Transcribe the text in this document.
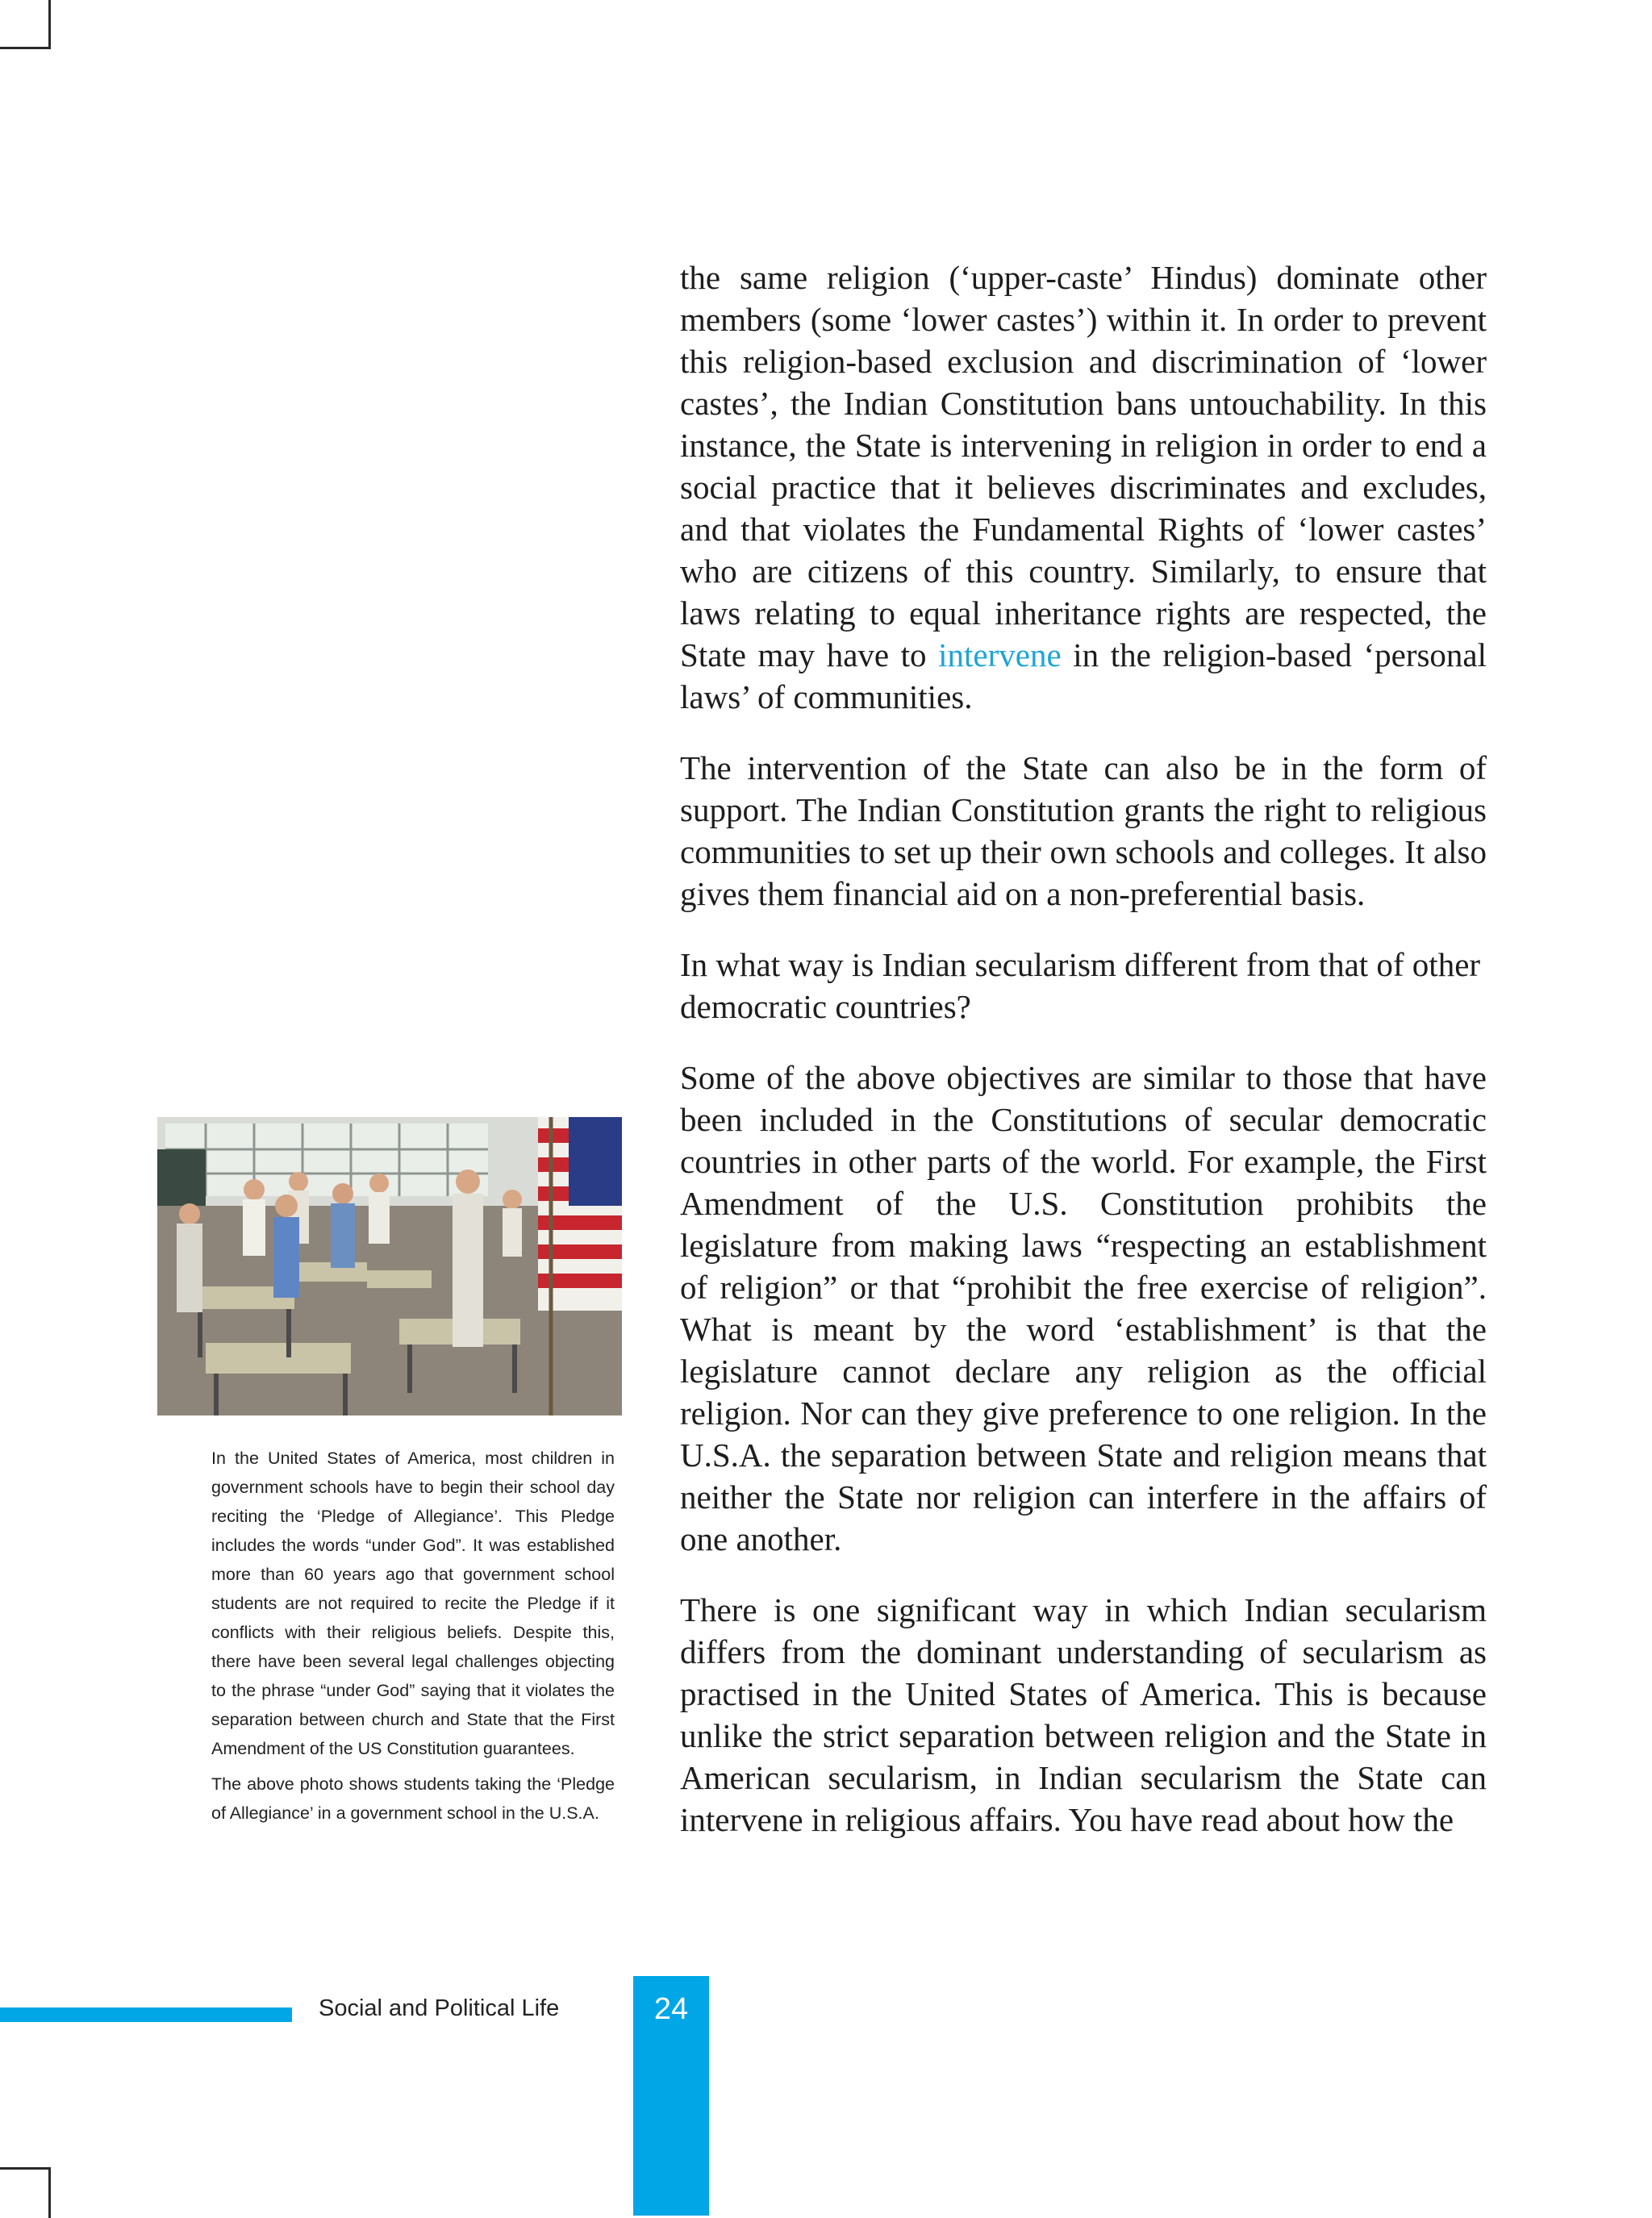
the same religion (‘upper-caste’ Hindus) dominate other members (some ‘lower castes’) within it. In order to prevent this religion-based exclusion and discrimination of ‘lower castes’, the Indian Constitution bans untouchability. In this instance, the State is intervening in religion in order to end a social practice that it believes discriminates and excludes, and that violates the Fundamental Rights of ‘lower castes’ who are citizens of this country. Similarly, to ensure that laws relating to equal inheritance rights are respected, the State may have to intervene in the religion-based ‘personal laws’ of communities.

The intervention of the State can also be in the form of support. The Indian Constitution grants the right to religious communities to set up their own schools and colleges. It also gives them financial aid on a non-preferential basis.

In what way is Indian secularism different from that of other democratic countries?

Some of the above objectives are similar to those that have been included in the Constitutions of secular democratic countries in other parts of the world. For example, the First Amendment of the U.S. Constitution prohibits the legislature from making laws “respecting an establishment of religion” or that “prohibit the free exercise of religion”. What is meant by the word ‘establishment’ is that the legislature cannot declare any religion as the official religion. Nor can they give preference to one religion. In the U.S.A. the separation between State and religion means that neither the State nor religion can interfere in the affairs of one another.

There is one significant way in which Indian secularism differs from the dominant understanding of secularism as practised in the United States of America. This is because unlike the strict separation between religion and the State in American secularism, in Indian secularism the State can intervene in religious affairs. You have read about how the

In the United States of America, most children in government schools have to begin their school day reciting the ‘Pledge of Allegiance’. This Pledge includes the words “under God”. It was established more than 60 years ago that government school students are not required to recite the Pledge if it conflicts with their religious beliefs. Despite this, there have been several legal challenges objecting to the phrase “under God” saying that it violates the separation between church and State that the First Amendment of the US Constitution guarantees.

The above photo shows students taking the ‘Pledge of Allegiance’ in a government school in the U.S.A.

Social and Political Life	24
